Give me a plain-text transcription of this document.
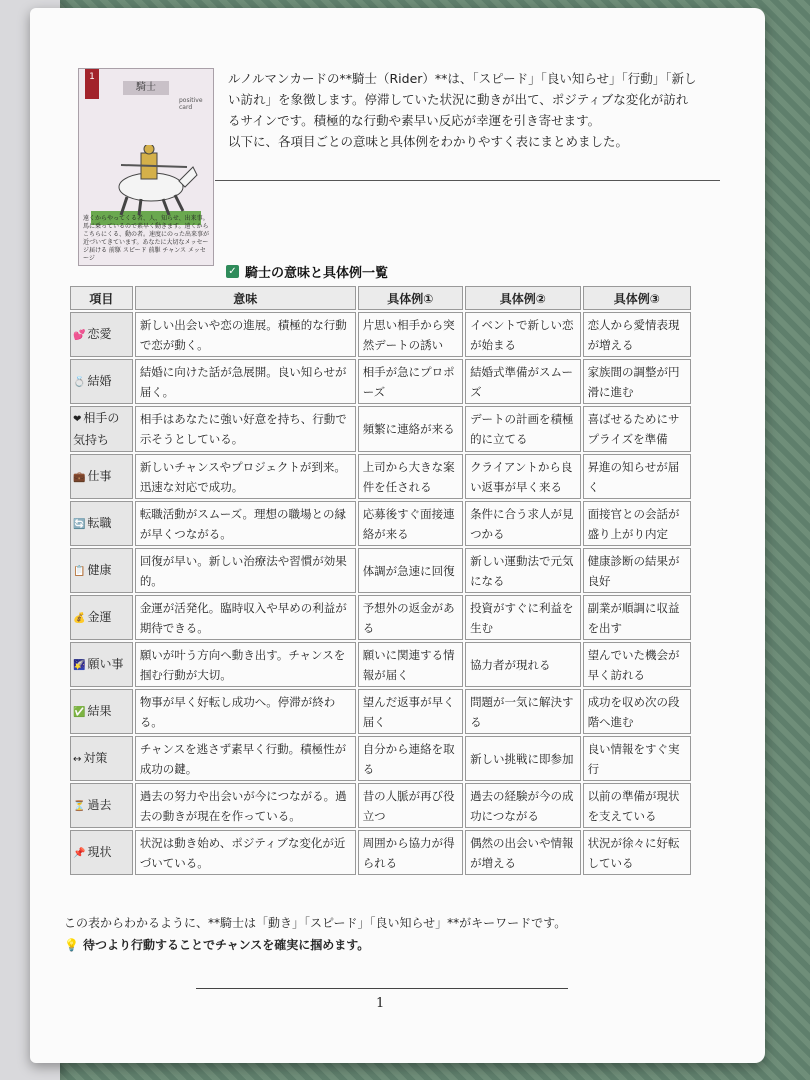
1
騎士
positive card
遠くからやってくる者、人、知らせ、出来事。馬に乗っているので素早く動きます。遠くからこちらにくる、動の者。速度にのった出来事が近づいてきています。あなたに大切なメッセージ届ける 前駆 スピード 前駆 チャンス メッセージ

ルノルマンカードの**騎士（Rider）**は、「スピード」「良い知らせ」「行動」「新しい訪れ」を象徴します。停滞していた状況に動きが出て、ポジティブな変化が訪れるサインです。積極的な行動や素早い反応が幸運を引き寄せます。

以下に、各項目ごとの意味と具体例をわかりやすく表にまとめました。

✓ 騎士の意味と具体例一覧
項目	意味	具体例①	具体例②	具体例③
💕 恋愛	新しい出会いや恋の進展。積極的な行動で恋が動く。	片思い相手から突然デートの誘い	イベントで新しい恋が始まる	恋人から愛情表現が増える
💍 結婚	結婚に向けた話が急展開。良い知らせが届く。	相手が急にプロポーズ	結婚式準備がスムーズ	家族間の調整が円滑に進む
❤ 相手の気持ち	相手はあなたに強い好意を持ち、行動で示そうとしている。	頻繁に連絡が来る	デートの計画を積極的に立てる	喜ばせるためにサプライズを準備
💼 仕事	新しいチャンスやプロジェクトが到来。迅速な対応で成功。	上司から大きな案件を任される	クライアントから良い返事が早く来る	昇進の知らせが届く
🔄 転職	転職活動がスムーズ。理想の職場との縁が早くつながる。	応募後すぐ面接連絡が来る	条件に合う求人が見つかる	面接官との会話が盛り上がり内定
📋 健康	回復が早い。新しい治療法や習慣が効果的。	体調が急速に回復	新しい運動法で元気になる	健康診断の結果が良好
💰 金運	金運が活発化。臨時収入や早めの利益が期待できる。	予想外の返金がある	投資がすぐに利益を生む	副業が順調に収益を出す
🌠 願い事	願いが叶う方向へ動き出す。チャンスを掴む行動が大切。	願いに関連する情報が届く	協力者が現れる	望んでいた機会が早く訪れる
✅ 結果	物事が早く好転し成功へ。停滞が終わる。	望んだ返事が早く届く	問題が一気に解決する	成功を収め次の段階へ進む
↔ 対策	チャンスを逃さず素早く行動。積極性が成功の鍵。	自分から連絡を取る	新しい挑戦に即参加	良い情報をすぐ実行
⏳ 過去	過去の努力や出会いが今につながる。過去の動きが現在を作っている。	昔の人脈が再び役立つ	過去の経験が今の成功につながる	以前の準備が現状を支えている
📌 現状	状況は動き始め、ポジティブな変化が近づいている。	周囲から協力が得られる	偶然の出会いや情報が増える	状況が徐々に好転している

この表からわかるように、**騎士は「動き」「スピード」「良い知らせ」**がキーワードです。

💡 待つより行動することでチャンスを確実に掴めます。

1
